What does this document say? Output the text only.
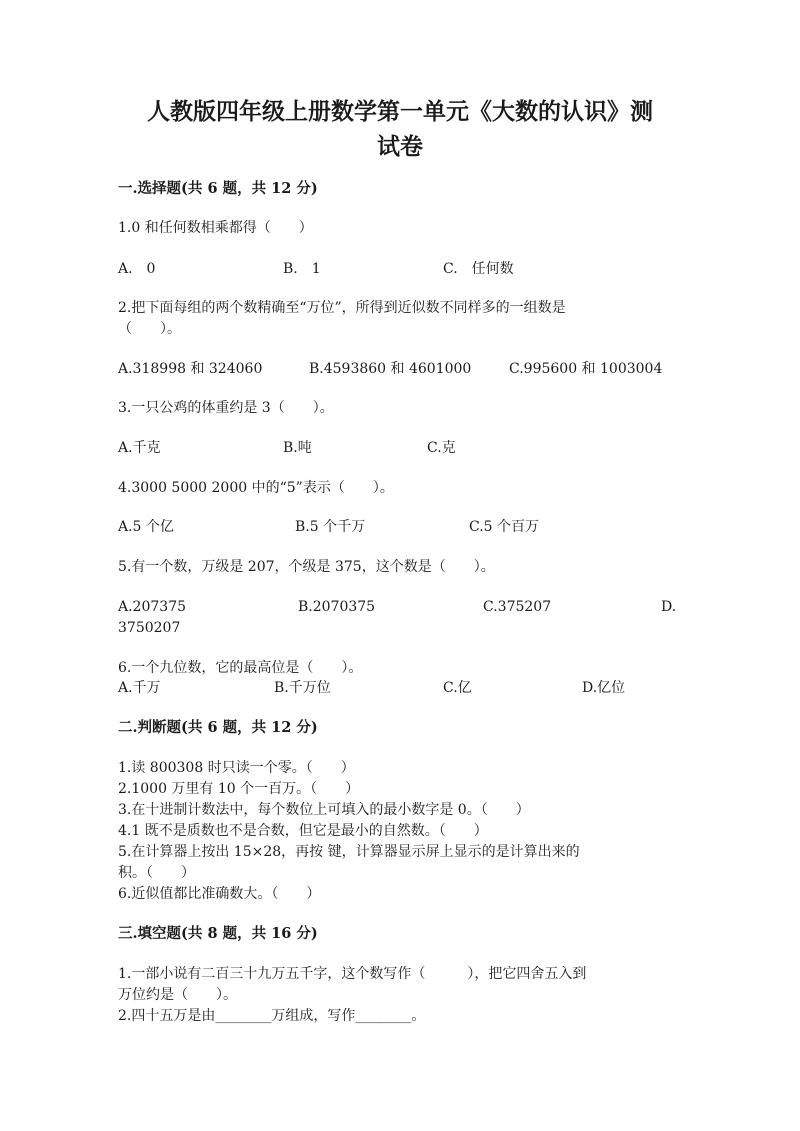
人教版四年级上册数学第一单元《大数的认识》测
试卷
一.选择题(共 6 题，共 12 分)
1.0 和任何数相乘都得（　　）
A.　0	B.　1	C.　任何数
2.把下面每组的两个数精确至“万位”，所得到近似数不同样多的一组数是
（　　）。
A.318998 和 324060	B.4593860 和 4601000	C.995600 和 1003004
3.一只公鸡的体重约是 3（　　）。
A.千克	B.吨	C.克
4.3000 5000 2000 中的“5”表示（　　）。
A.5 个亿	B.5 个千万	C.5 个百万
5.有一个数，万级是 207，个级是 375，这个数是（　　）。
A.207375	B.2070375	C.375207	D.
3750207
6.一个九位数，它的最高位是（　　）。
A.千万	B.千万位	C.亿	D.亿位
二.判断题(共 6 题，共 12 分)
1.读 800308 时只读一个零。（　　）
2.1000 万里有 10 个一百万。（　　）
3.在十进制计数法中，每个数位上可填入的最小数字是 0。（　　）
4.1 既不是质数也不是合数，但它是最小的自然数。（　　）
5.在计算器上按出 15×28，再按 键，计算器显示屏上显示的是计算出来的
积。（　　）
6.近似值都比准确数大。（　　）
三.填空题(共 8 题，共 16 分)
1.一部小说有二百三十九万五千字，这个数写作（　　　），把它四舍五入到
万位约是（　　）。
2.四十五万是由________万组成，写作________。
